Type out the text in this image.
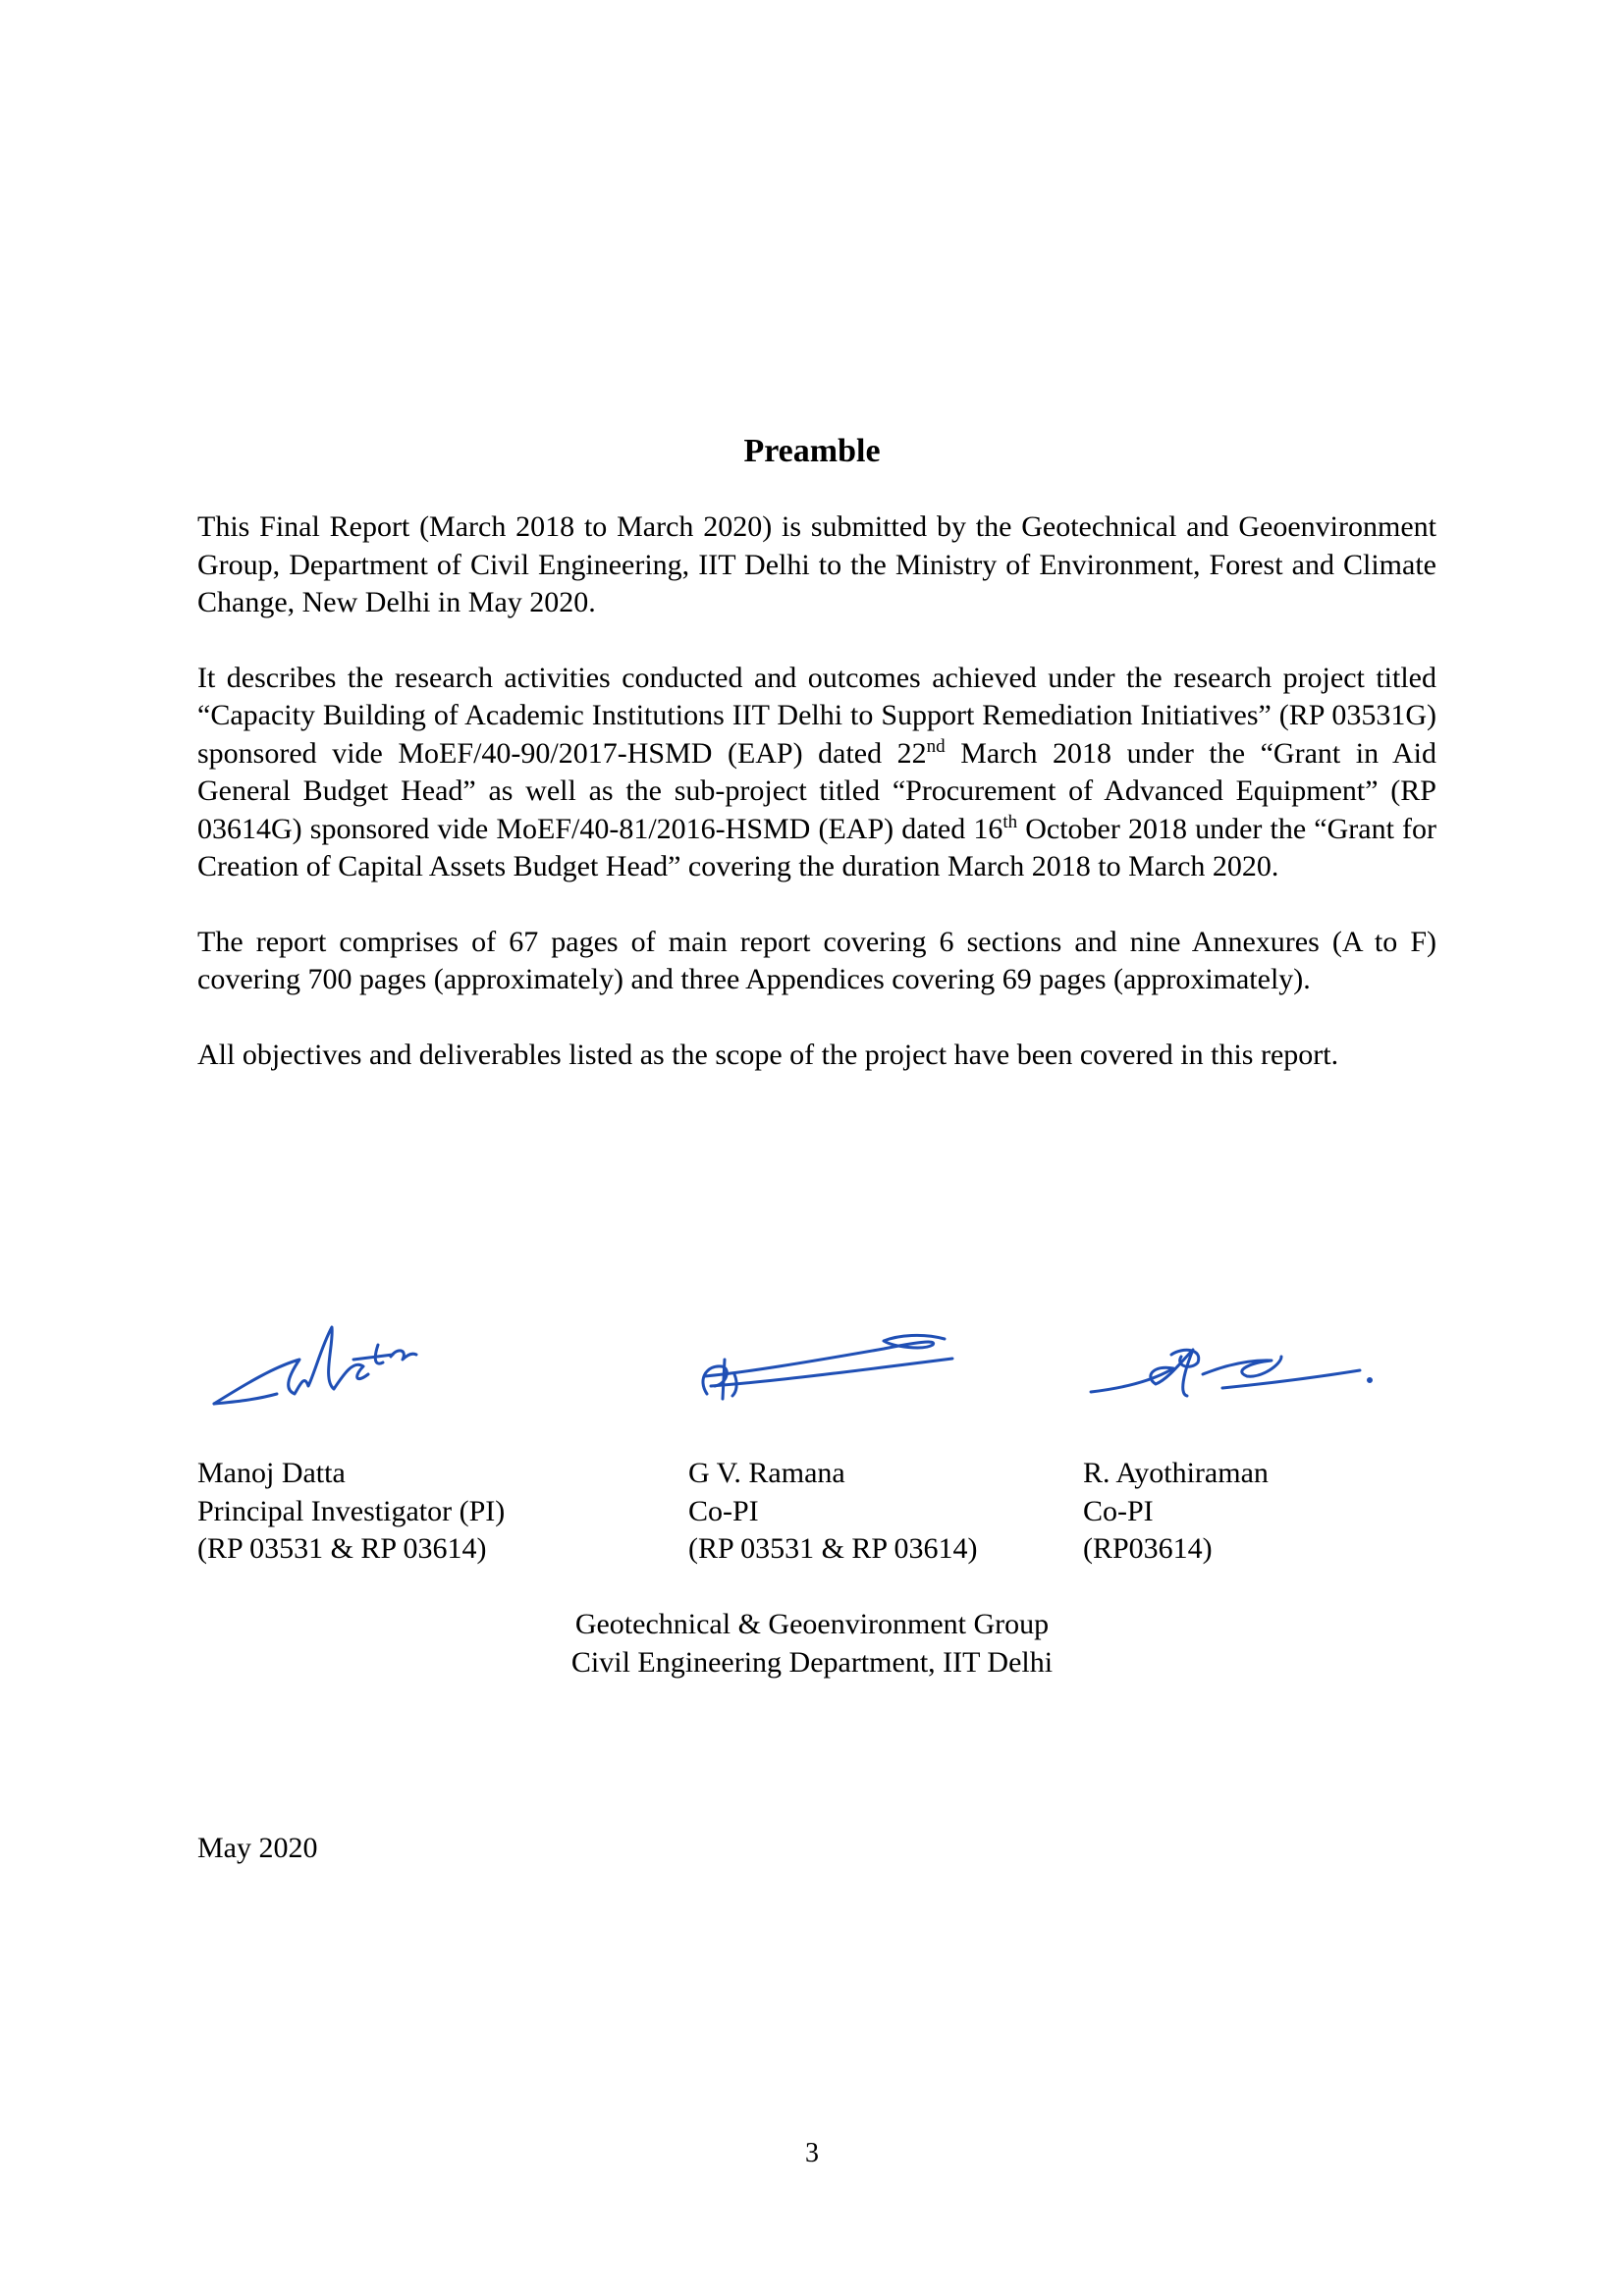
Preamble

This Final Report (March 2018 to March 2020) is submitted by the Geotechnical and Geoenvironment Group, Department of Civil Engineering, IIT Delhi to the Ministry of Environment, Forest and Climate Change, New Delhi in May 2020.

It describes the research activities conducted and outcomes achieved under the research project titled “Capacity Building of Academic Institutions IIT Delhi to Support Remediation Initiatives” (RP 03531G) sponsored vide MoEF/40-90/2017-HSMD (EAP) dated 22nd March 2018 under the “Grant in Aid General Budget Head” as well as the sub-project titled “Procurement of Advanced Equipment” (RP 03614G) sponsored vide MoEF/40-81/2016-HSMD (EAP) dated 16th October 2018 under the “Grant for Creation of Capital Assets Budget Head” covering the duration March 2018 to March 2020.

The report comprises of 67 pages of main report covering 6 sections and nine Annexures (A to F) covering 700 pages (approximately) and three Appendices covering 69 pages (approximately).

All objectives and deliverables listed as the scope of the project have been covered in this report.

Manoj Datta
Principal Investigator (PI)
(RP 03531 & RP 03614)
G V. Ramana
Co-PI
(RP 03531 & RP 03614)
R. Ayothiraman
Co-PI
(RP03614)
Geotechnical & Geoenvironment Group
Civil Engineering Department, IIT Delhi
May 2020
3
